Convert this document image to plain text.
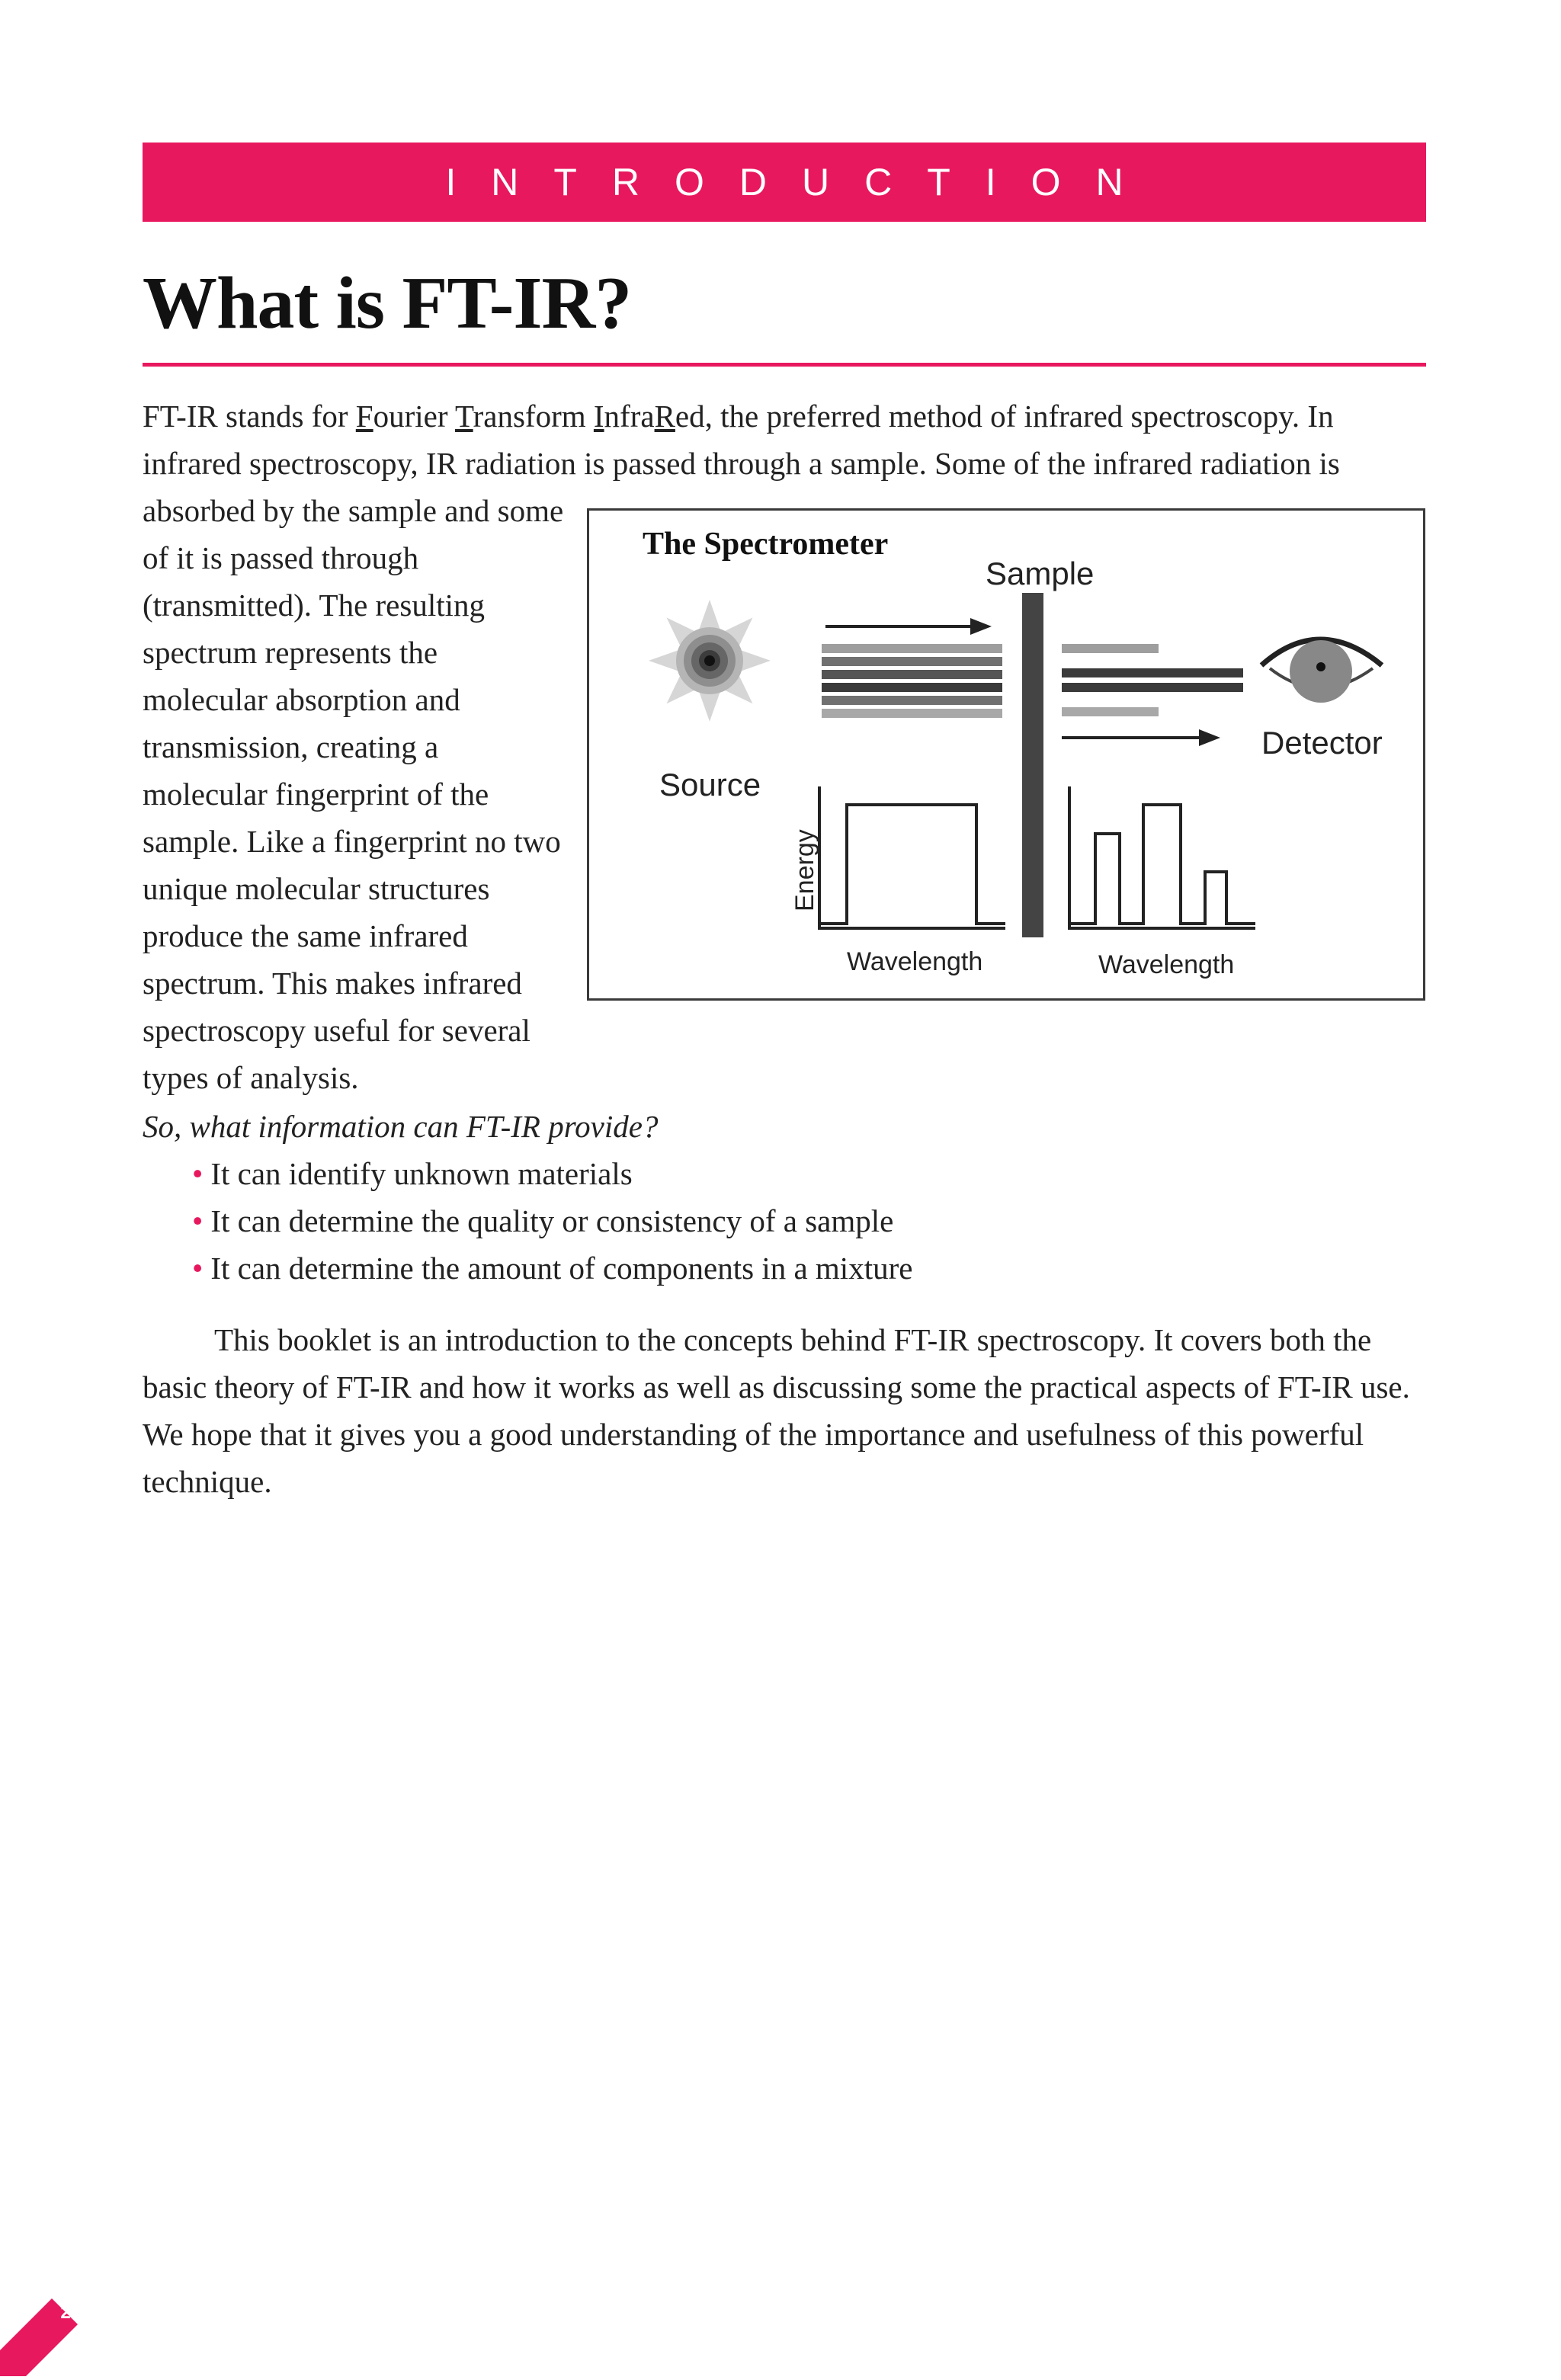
INTRODUCTION
What is FT-IR?

FT-IR stands for Fourier Transform InfraRed, the preferred method of infrared spectroscopy. In infrared spectroscopy, IR radiation is passed through a sample. Some of the infrared radiation is

absorbed by the sample and some of it is passed through (transmitted). The resulting spectrum represents the molecular absorption and transmission, creating a molecular fingerprint of the sample. Like a fingerprint no two unique molecular structures produce the same infrared spectrum. This makes infrared spectroscopy useful for several types of analysis.

The Spectrometer
Source
Sample
Detector
Energy
Wavelength	Wavelength

So, what information can FT-IR provide?

• It can identify unknown materials
• It can determine the quality or consistency of a sample
• It can determine the amount of components in a mixture

This booklet is an introduction to the concepts behind FT-IR spectroscopy. It covers both the basic theory of FT-IR and how it works as well as discussing some the practical aspects of FT-IR use. We hope that it gives you a good understanding of the importance and usefulness of this powerful technique.

2
